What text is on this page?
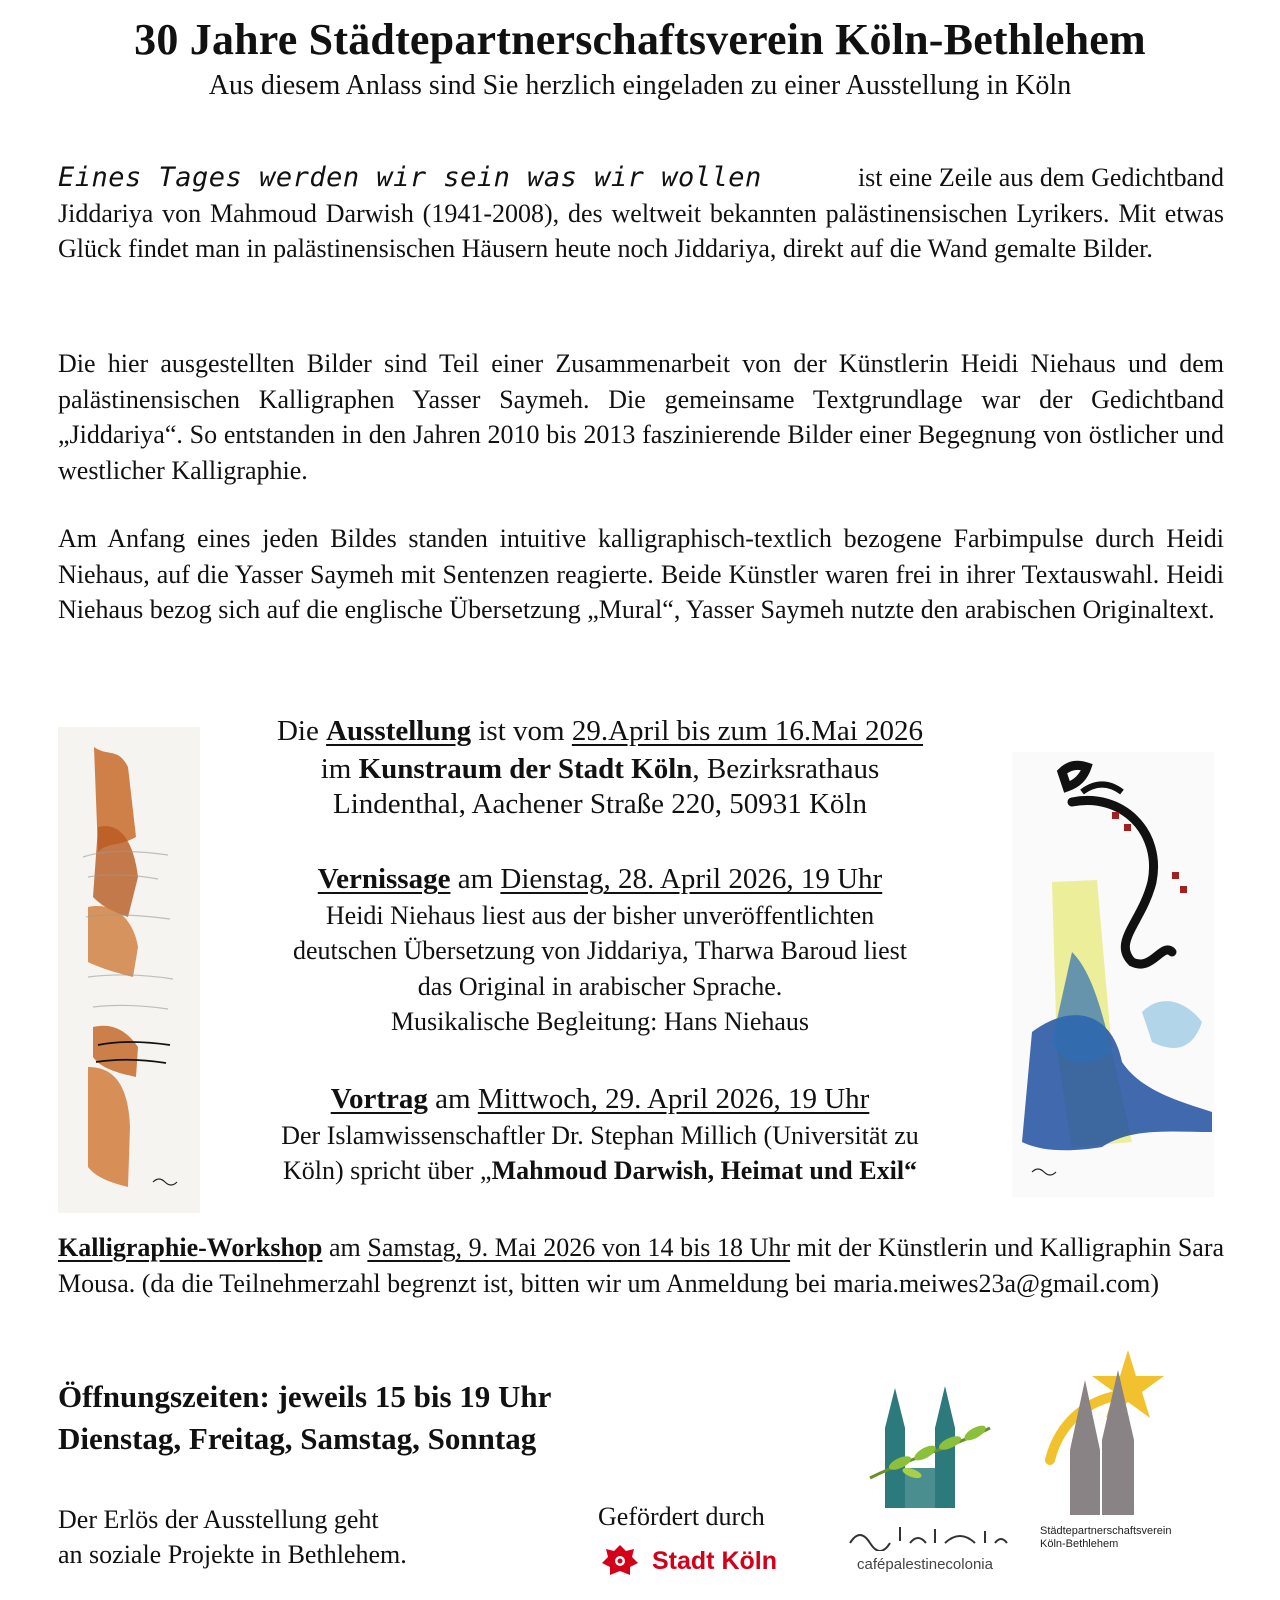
30 Jahre Städtepartnerschaftsverein Köln-Bethlehem
Aus diesem Anlass sind Sie herzlich eingeladen zu einer Ausstellung in Köln
Eines Tages werden wir sein was wir wollen	ist eine Zeile aus dem Gedichtband
Jiddariya von Mahmoud Darwish (1941-2008), des weltweit bekannten palästinensischen Lyrikers. Mit etwas Glück findet man in palästinensischen Häusern heute noch Jiddariya, direkt auf die Wand gemalte Bilder.
Die hier ausgestellten Bilder sind Teil einer Zusammenarbeit von der Künstlerin Heidi Niehaus und dem palästinensischen Kalligraphen Yasser Saymeh. Die gemeinsame Textgrundlage war der Gedichtband „Jiddariya“. So entstanden in den Jahren 2010 bis 2013 faszinierende Bilder einer Begegnung von östlicher und westlicher Kalligraphie.
Am Anfang eines jeden Bildes standen intuitive kalligraphisch-textlich bezogene Farbimpulse durch Heidi Niehaus, auf die Yasser Saymeh mit Sentenzen reagierte. Beide Künstler waren frei in ihrer Textauswahl. Heidi Niehaus bezog sich auf die englische Übersetzung „Mural“, Yasser Saymeh nutzte den arabischen Originaltext.
Die Ausstellung ist vom 29.April bis zum 16.Mai 2026
im Kunstraum der Stadt Köln, Bezirksrathaus
Lindenthal, Aachener Straße 220, 50931 Köln
Vernissage am Dienstag, 28. April 2026, 19 Uhr
Heidi Niehaus liest aus der bisher unveröffentlichten
deutschen Übersetzung von Jiddariya, Tharwa Baroud liest
das Original in arabischer Sprache.
Musikalische Begleitung: Hans Niehaus
Vortrag am Mittwoch, 29. April 2026, 19 Uhr
Der Islamwissenschaftler Dr. Stephan Millich (Universität zu
Köln) spricht über „Mahmoud Darwish, Heimat und Exil“
Kalligraphie-Workshop am Samstag, 9. Mai 2026 von 14 bis 18 Uhr mit der Künstlerin und Kalligraphin Sara Mousa. (da die Teilnehmerzahl begrenzt ist, bitten wir um Anmeldung bei maria.meiwes23a@gmail.com)
Öffnungszeiten: jeweils 15 bis 19 Uhr
Dienstag, Freitag, Samstag, Sonntag
Der Erlös der Ausstellung geht
an soziale Projekte in Bethlehem.
Gefördert durch
Stadt Köln
	cafépalestinecolonia
Städtepartnerschaftsverein
Köln-Bethlehem
